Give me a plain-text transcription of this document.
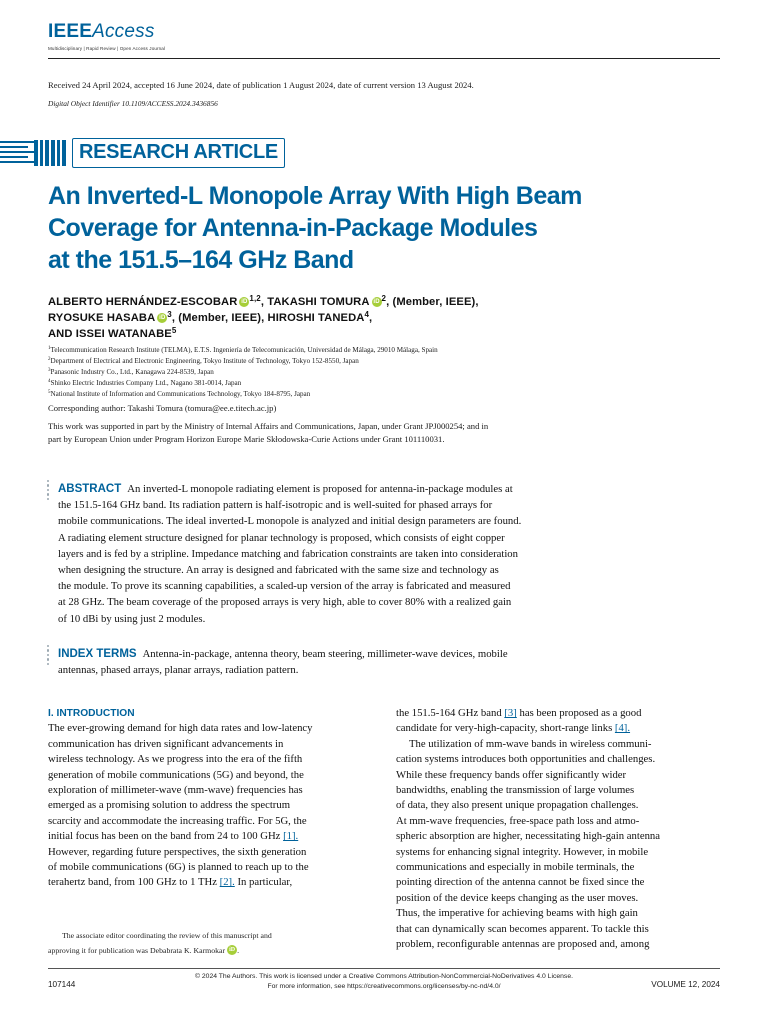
IEEEAccess
Multidisciplinary | Rapid Review | Open Access Journal
Received 24 April 2024, accepted 16 June 2024, date of publication 1 August 2024, date of current version 13 August 2024.
Digital Object Identifier 10.1109/ACCESS.2024.3436856
RESEARCH ARTICLE
An Inverted-L Monopole Array With High Beam
Coverage for Antenna-in-Package Modules
at the 151.5–164 GHz Band
ALBERTO HERNÁNDEZ-ESCOBAR iD $^{1,2}$, TAKASHI TOMURA iD $^2$, (Member, IEEE),
RYOSUKE HASABA iD $^3$, (Member, IEEE), HIROSHI TANEDA$^4$,
AND ISSEI WATANABE$^5$
$^1$Telecommunication Research Institute (TELMA), E.T.S. Ingeniería de Telecomunicación, Universidad de Málaga, 29010 Málaga, Spain
$^2$Department of Electrical and Electronic Engineering, Tokyo Institute of Technology, Tokyo 152-8550, Japan
$^3$Panasonic Industry Co., Ltd., Kanagawa 224-8539, Japan
$^4$Shinko Electric Industries Company Ltd., Nagano 381-0014, Japan
$^5$National Institute of Information and Communications Technology, Tokyo 184-8795, Japan
Corresponding author: Takashi Tomura (tomura@ee.e.titech.ac.jp)
This work was supported in part by the Ministry of Internal Affairs and Communications, Japan, under Grant JPJ000254; and in
part by European Union under Program Horizon Europe Marie Skłodowska-Curie Actions under Grant 101110031.
ABSTRACT An inverted-L monopole radiating element is proposed for antenna-in-package modules at
the 151.5-164 GHz band. Its radiation pattern is half-isotropic and is well-suited for phased arrays for
mobile communications. The ideal inverted-L monopole is analyzed and initial design parameters are found.
A radiating element structure designed for planar technology is proposed, which consists of eight copper
layers and is fed by a stripline. Impedance matching and fabrication constraints are taken into consideration
when designing the structure. An array is designed and fabricated with the same size and technology as
the module. To prove its scanning capabilities, a scaled-up version of the array is fabricated and measured
at 28 GHz. The beam coverage of the proposed arrays is very high, able to cover 80% with a realized gain
of 10 dBi by using just 2 modules.
INDEX TERMS Antenna-in-package, antenna theory, beam steering, millimeter-wave devices, mobile
antennas, phased arrays, planar arrays, radiation pattern.
I. INTRODUCTION
The ever-growing demand for high data rates and low-latency
communication has driven significant advancements in
wireless technology. As we progress into the era of the fifth
generation of mobile communications (5G) and beyond, the
exploration of millimeter-wave (mm-wave) frequencies has
emerged as a promising solution to address the spectrum
scarcity and accommodate the increasing traffic. For 5G, the
initial focus has been on the band from 24 to 100 GHz [1].
However, regarding future perspectives, the sixth generation
of mobile communications (6G) is planned to reach up to the
terahertz band, from 100 GHz to 1 THz [2]. In particular,
the 151.5-164 GHz band [3] has been proposed as a good
candidate for very-high-capacity, short-range links [4].
The utilization of mm-wave bands in wireless communi-
cation systems introduces both opportunities and challenges.
While these frequency bands offer significantly wider
bandwidths, enabling the transmission of large volumes
of data, they also present unique propagation challenges.
At mm-wave frequencies, free-space path loss and atmo-
spheric absorption are higher, necessitating high-gain antenna
systems for enhancing signal integrity. However, in mobile
communications and especially in mobile terminals, the
pointing direction of the antenna cannot be fixed since the
position of the device keeps changing as the user moves.
Thus, the imperative for achieving beams with high gain
that can dynamically scan becomes apparent. To tackle this
problem, reconfigurable antennas are proposed and, among
The associate editor coordinating the review of this manuscript and
approving it for publication was Debabrata K. Karmokar iD .
© 2024 The Authors. This work is licensed under a Creative Commons Attribution-NonCommercial-NoDerivatives 4.0 License.
For more information, see https://creativecommons.org/licenses/by-nc-nd/4.0/
107144	VOLUME 12, 2024
